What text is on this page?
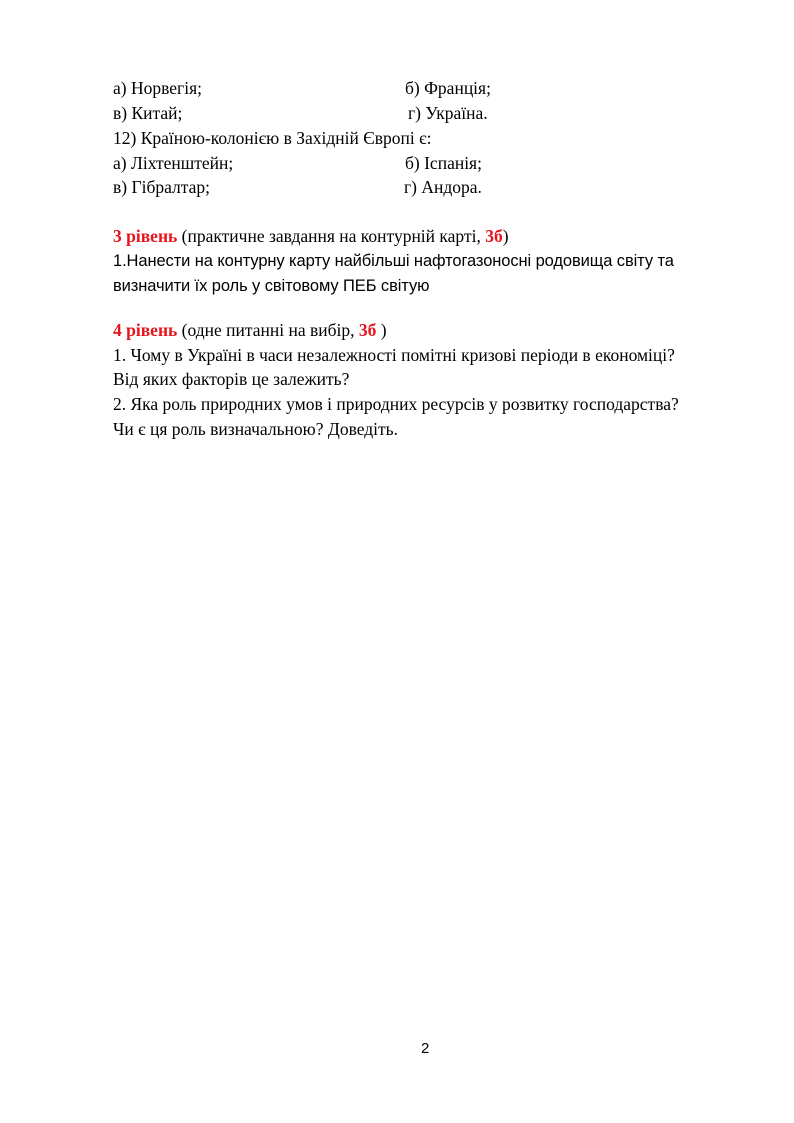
а) Норвегія;	б) Франція;
в) Китай;	г) Україна.
12) Країною-колонією в Західній Європі є:
а) Ліхтенштейн;	б) Іспанія;
в) Гібралтар;	г) Андора.
3 рівень (практичне завдання на контурній карті, 3б)
1.Нанести на контурну карту найбільші нафтогазоносні родовища світу та
визначити їх роль у світовому ПЕБ світую
4 рівень (одне питанні на вибір, 3б )
1. Чому в Україні в часи незалежності помітні кризові періоди в економіці?
Від яких факторів це залежить?
2. Яка роль природних умов і природних ресурсів у розвитку господарства?
Чи є ця роль визначальною? Доведіть.
2
